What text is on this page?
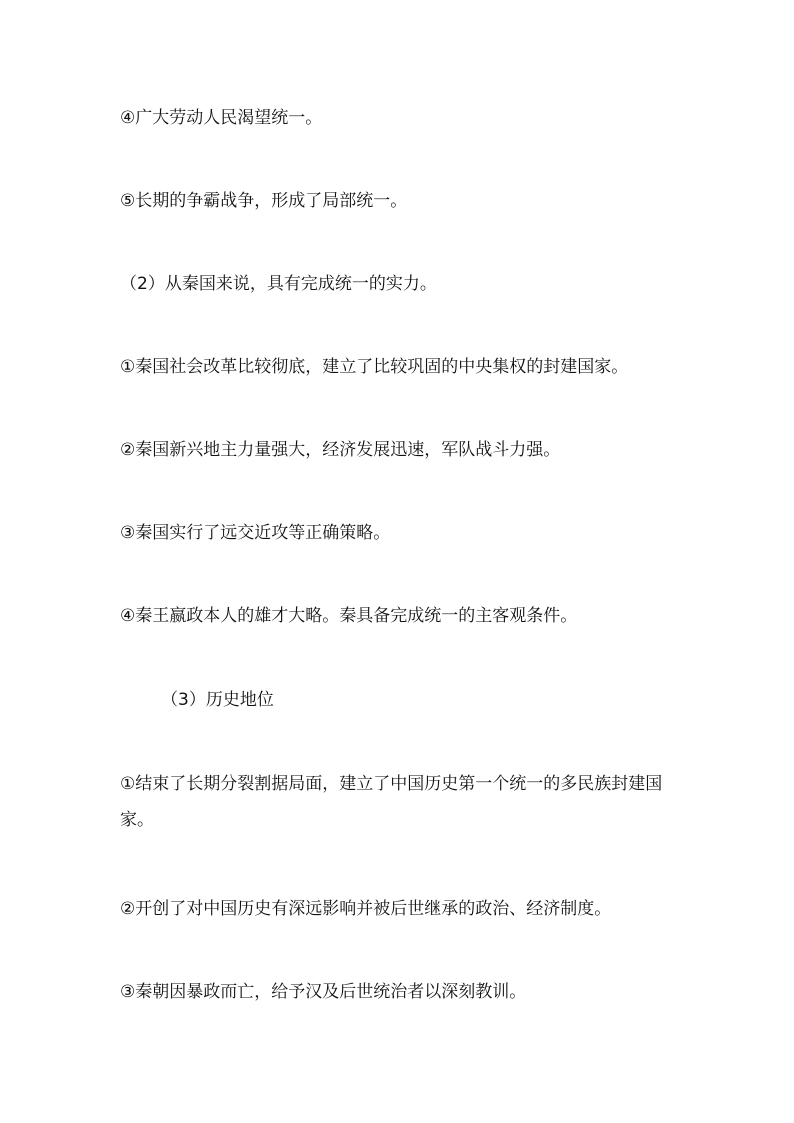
④广大劳动人民渴望统一。
⑤长期的争霸战争，形成了局部统一。
（2）从秦国来说，具有完成统一的实力。
①秦国社会改革比较彻底，建立了比较巩固的中央集权的封建国家。
②秦国新兴地主力量强大，经济发展迅速，军队战斗力强。
③秦国实行了远交近攻等正确策略。
④秦王嬴政本人的雄才大略。秦具备完成统一的主客观条件。
（3）历史地位
①结束了长期分裂割据局面，建立了中国历史第一个统一的多民族封建国家。
②开创了对中国历史有深远影响并被后世继承的政治、经济制度。
③秦朝因暴政而亡，给予汉及后世统治者以深刻教训。
